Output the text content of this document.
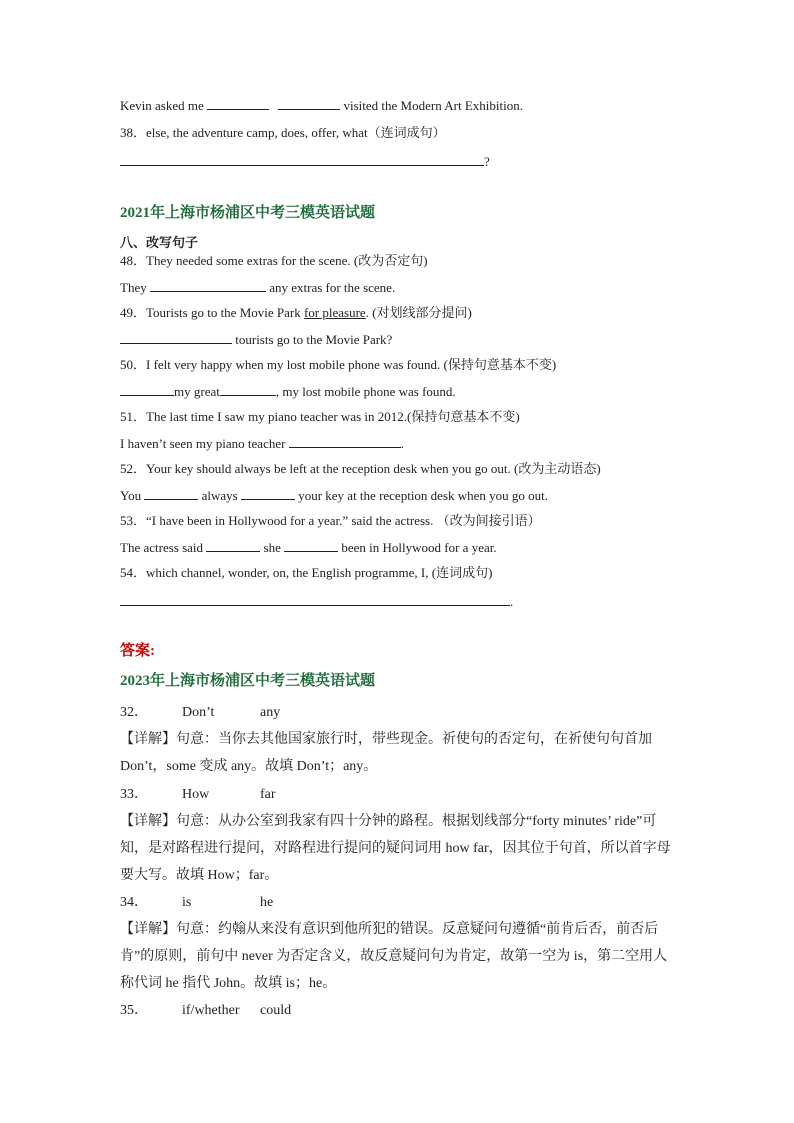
Kevin asked me	visited the Modern Art Exhibition.
38．else, the adventure camp, does, offer, what（连词成句）
?
2021年上海市杨浦区中考三模英语试题
八、改写句子
48．They needed some extras for the scene. (改为否定句)
They	any extras for the scene.
49．Tourists go to the Movie Park for pleasure. (对划线部分提问)
tourists go to the Movie Park?
50．I felt very happy when my lost mobile phone was found. (保持句意基本不变)
my great	, my lost mobile phone was found.
51．The last time I saw my piano teacher was in 2012.(保持句意基本不变)
I haven’t seen my piano teacher	.
52．Your key should always be left at the reception desk when you go out. (改为主动语态)
You	always	your key at the reception desk when you go out.
53．“I have been in Hollywood for a year.” said the actress. （改为间接引语）
The actress said	she	been in Hollywood for a year.
54．which channel, wonder, on, the English programme, I, (连词成句)
.
答案:
2023年上海市杨浦区中考三模英语试题
32． Don’t	any
【详解】句意：当你去其他国家旅行时，带些现金。祈使句的否定句，在祈使句句首加Don’t，some 变成 any。故填 Don’t；any。
33． How	far
【详解】句意：从办公室到我家有四十分钟的路程。根据划线部分“forty minutes’ ride”可知，是对路程进行提问，对路程进行提问的疑问词用 how far，因其位于句首，所以首字母要大写。故填 How；far。
34． is	he
【详解】句意：约翰从来没有意识到他所犯的错误。反意疑问句遵循“前肯后否，前否后肯”的原则，前句中 never 为否定含义，故反意疑问句为肯定，故第一空为 is，第二空用人称代词 he 指代 John。故填 is；he。
35． if/whether could
